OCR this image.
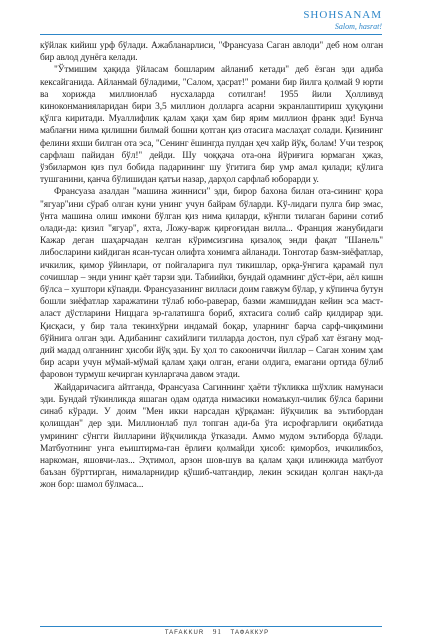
SHOHSANAM
Salom, hasrat!

кўйлак кийиш урф бўлади. Ажабланарлиси, "Франсуаза Саган авлоди" деб ном олган бир авлод дунёга келади.

"Ўтмишим ҳақида ўйласам бошларим айланиб кетади" деб ёзган эди адиба кексайганида. Айланмай бўладими, "Салом, ҳасрат!" романи бир йилга қолмай 9 юрти ва хорижда миллионлаб нусхаларда сотилган! 1955 йили Ҳолливуд киноконманияларидан бири 3,5 миллион долларга асарни экранлаштириш ҳуқуқини қўлга киритади. Муаллифлик қалам ҳақи ҳам бир ярим миллион франк эди! Бунча маблағни нима қилишни билмай бошни қотган қиз отасига маслаҳат солади. Қизининг фелини яхши билган ота эса, "Сенинг ёшингда пулдан ҳеч хайр йўқ, болам! Учи тезроқ сарфлаш пайидан бўл!" дейди. Шу чоққача ота-она йўриғига юрмаган ҳжаз, ўзбилармон қиз пул бобида падарининг шу ўгитига бир умр амал қилади; қўлига тушганини, қанча бўлишидан қатъи назар, дарҳол сарфлаб юборарди у.

Франсуаза азалдан "машина жинниси" эди, бирор бахона билан ота-сининг қора "ягуар"ини сўраб олган куни унинг учун байрам бўларди. Кў-лидаги пулга бир эмас, ўнта машина олиш имкони бўлган қиз нима қиларди, кўнгли тилаган барини сотиб олади-да: қизил "ягуар", яхта, Ложу-варж қирғоғидан вилла... Франция жанубидаги Кажар деган шаҳарчадан келган кўримсизгина қизалоқ энди фақат "Шанель" либосларини кийдиган ясан-тусан олифта хонимга айланади. Тонготар базм-зиёфатлар, ичкилик, қимор ўйинлари, от пойгаларига пул тикишлар, орқа-ўнгига қарамай пул сочишлар – энди унинг қаёт тарзи эди. Табиийки, бундай одамнинг дўст-ёри, аёл кишн бўлса – хуштори кўпаяди. Франсуазанинг вилласи доим гавжум бўлар, у кўпинча бутун бошли зиёфатлар харажатини тўлаб юбо-раверар, базми жамшиддан кейин эса маст-аласт дўстларини Ниццага эр-галатишга бориб, яхтасига солиб сайр қилдирар эди. Қисқаси, у бир тала текинхўрни индамай боқар, уларнинг барча сарф-чиқимини бўйнига олган эди. Адибанинг сахийлиги тилларда достон, пул сўраб хат ёзгану мод-дий мадад олганнинг ҳисоби йўқ эди. Бу ҳол то сакоониччи йиллар – Саган хоним ҳам бир асари учун мўмай-мўмай қалам ҳақи олган, егани олдига, емагани ортида бўлиб фаровон турмуш кечирган кунларгача давом этади.

Жайдаричасига айтганда, Франсуаза Сагиннинг ҳаёти тўкликка шўхлик намунаси эди. Бундай тўкинликда яшаган одам одатда нимасики номаъкул-чилик бўлса барини синаб кўради. У доим "Мен икки нарсадан қўрқаман: йўқчилик ва эътибордан қолишдан" дер эди. Миллионлаб пул топган ади-ба ўта исрофгарлиги оқибатида умрининг сўнгги йилларини йўқчиликда ўтказади. Аммо мудом эътиборда бўлади. Матбуотнинг унга еъиштирма-ган ёрлиғи қолмайди ҳисоб: қиморбоз, ичкиликбоз, наркоман, яшовчи-лаз... Эҳтимол, арзон шов-шув ва қалам ҳақи илинжида матбуот баъзан бўрттирган, нималарнидир қўшиб-чатгандир, лекин эскидан қолган нақл-да жон бор: шамол бўлмаса...

TAFAKKUR 91 ТАФАККУР
